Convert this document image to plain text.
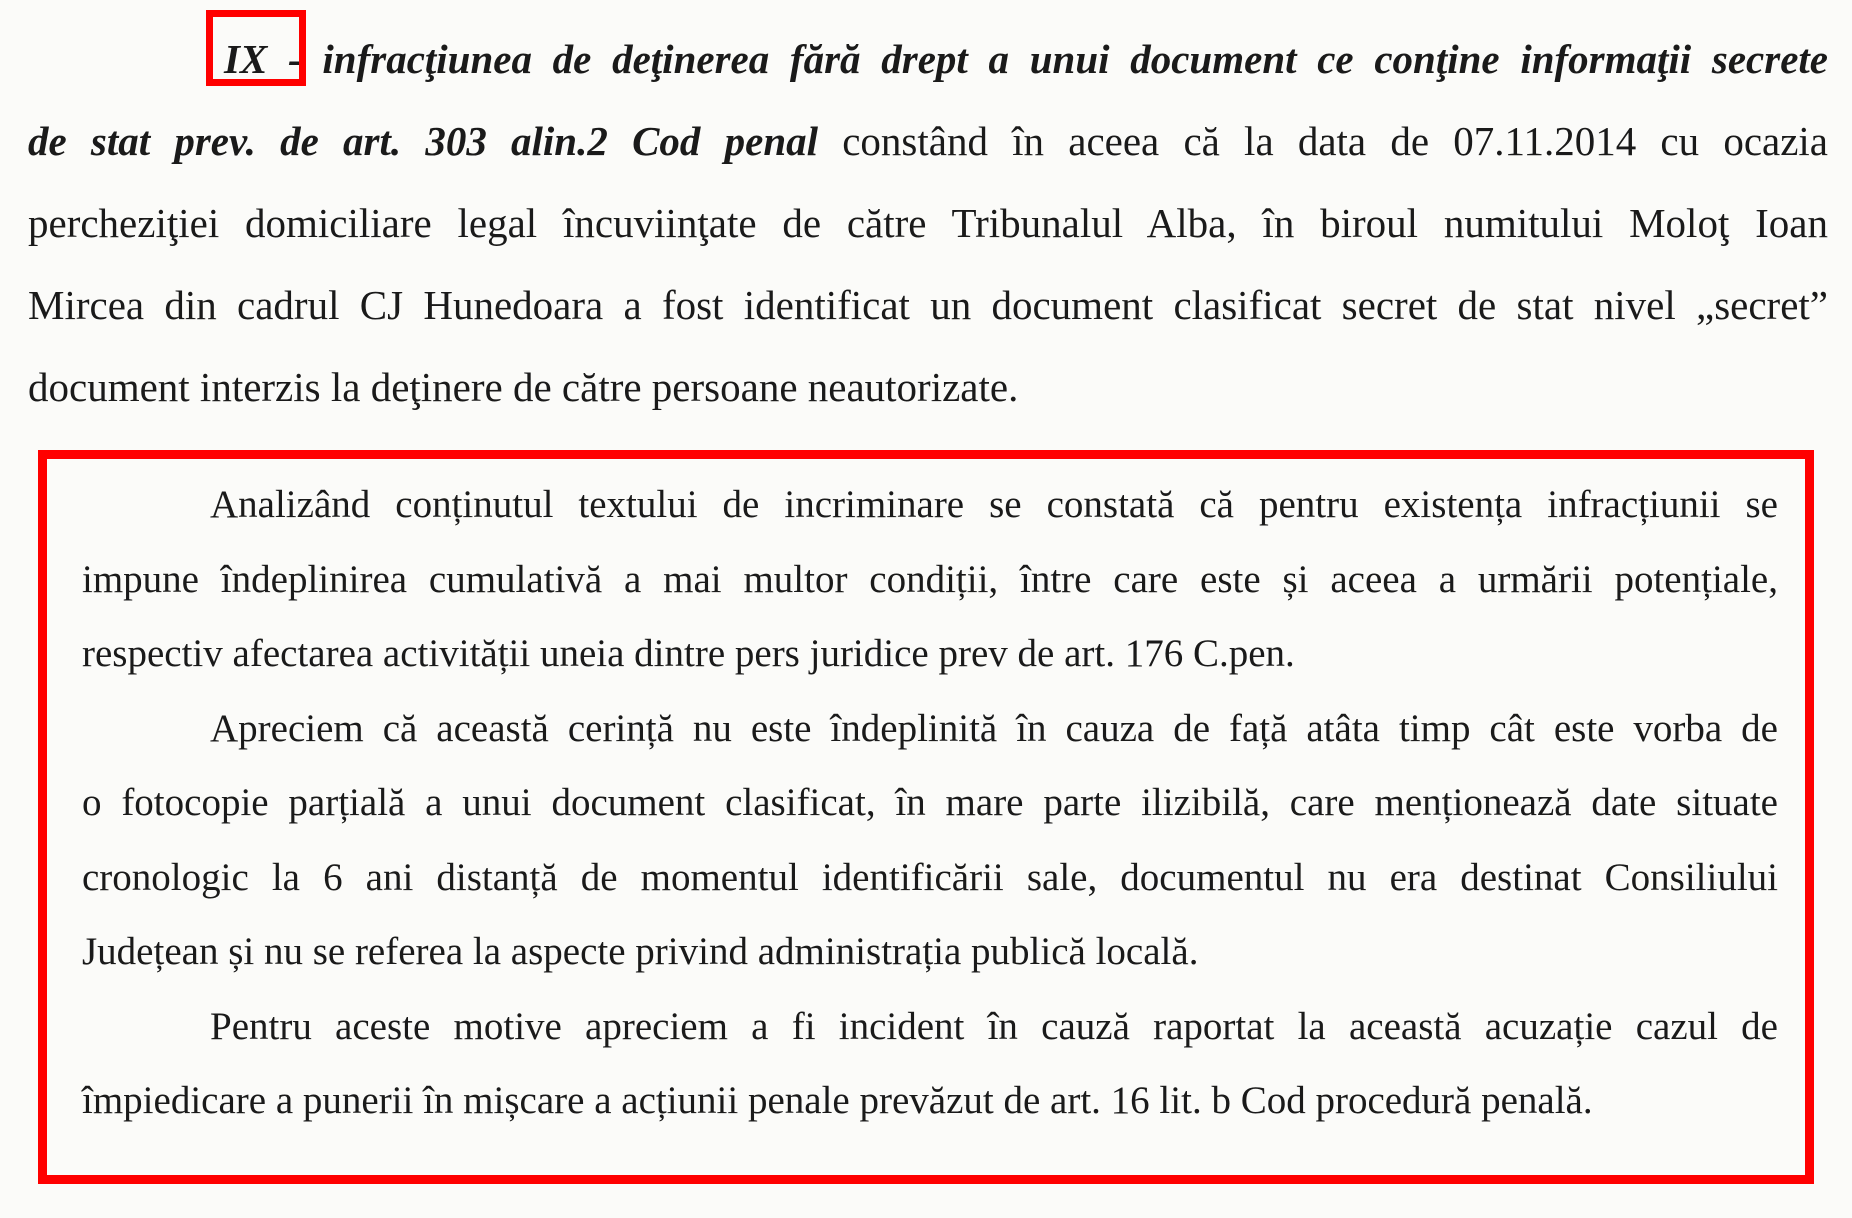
IX - infracţiunea de deţinerea fără drept a unui document ce conţine informaţii secrete
de stat prev. de art. 303 alin.2 Cod penal constând în aceea că la data de 07.11.2014 cu ocazia
percheziţiei domiciliare legal încuviinţate de către Tribunalul Alba, în biroul numitului Moloţ Ioan
Mircea din cadrul CJ Hunedoara a fost identificat un document clasificat secret de stat nivel „secret”
document interzis la deţinere de către persoane neautorizate.
Analizând conținutul textului de incriminare se constată că pentru existența infracțiunii se
impune îndeplinirea cumulativă a mai multor condiții, între care este și aceea a urmării potențiale,
respectiv afectarea activității uneia dintre pers juridice prev de art. 176 C.pen.
Apreciem că această cerință nu este îndeplinită în cauza de față atâta timp cât este vorba de
o fotocopie parțială a unui document clasificat, în mare parte ilizibilă, care menționează date situate
cronologic la 6 ani distanță de momentul identificării sale, documentul nu era destinat Consiliului
Județean și nu se referea la aspecte privind administrația publică locală.
Pentru aceste motive apreciem a fi incident în cauză raportat la această acuzație cazul de
împiedicare a punerii în mișcare a acțiunii penale prevăzut de art. 16 lit. b Cod procedură penală.
